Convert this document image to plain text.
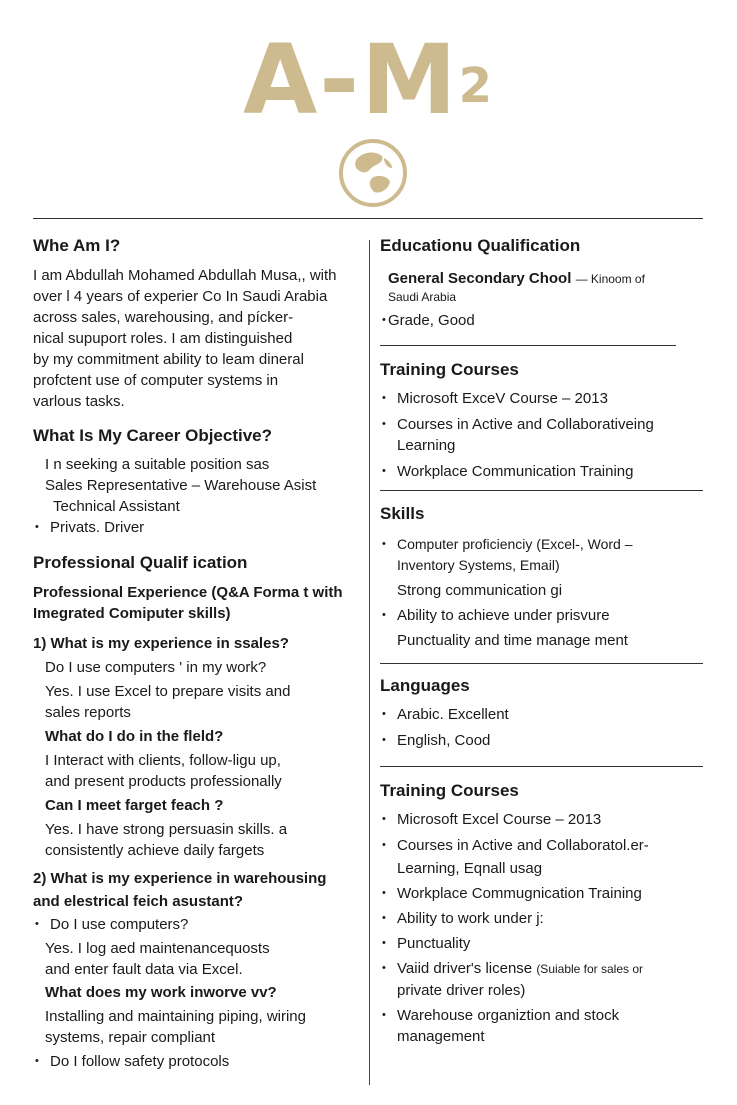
$A-M^2$
Whe Am I?

I am Abdullah Mohamed Abdullah Musa,, with

over l 4 years of experier Co In Saudi Arabia

across sales, warehousing, and pícker-

nical supuport roles. I am distinguished

by my commitment ability to leam dineral

profctent use of computer systems in

varlous tasks.

What Is My Career Objective?

I n seeking a suitable position sas

Sales Representative – Warehouse Asist

Technical Assistant

• Privats. Driver

Professional Qualif ication
Professional Experience (Q&A Forma t with
Imegrated Comiputer skills)
1) What is my experience in ssales?

Do I use computers ' in my work?

Yes. I use Excel to prepare visits and

sales reports

What do I do in the fleld?

I Interact with clients, follow-ligu up,

and present products professionally

Can I meet farget feach ?

Yes. I have strong persuasin skills. a

consistently achieve daily fargets

2) What is my experience in warehousing
and elestrical feich asustant?

• Do I use computers?

Yes. I log aed maintenancequosts

and enter fault data via Excel.

What does my work inworve vv?

Installing and maintaining piping, wiring

systems, repair compliant

• Do I follow safety protocols

Educationu Qualification

General Secondary Chool — Kinoom of

Saudi Arabia

• Grade, Good

Training Courses

• Microsoft ExceV Course – 2013

• Courses in Active and Collaborativeing Learning

• Workplace Communication Training

Skills

• Computer proficienciy (Excel-, Word –

Inventory Systems, Email)

Strong communication gi

• Ability to achieve under prisvure

Punctuality and time manage ment

Languages

• Arabic. Excellent

• English, Cood

Training Courses

• Microsoft Excel Course – 2013

• Courses in Active and Collaboratol.er-

Learning, Eqnall usag

• Workplace Commugnication Training

• Ability to work under j:

• Punctuality

• Vaiid driver's license (Suiable for sales or

private driver roles)

• Warehouse organiztion and stock

management
